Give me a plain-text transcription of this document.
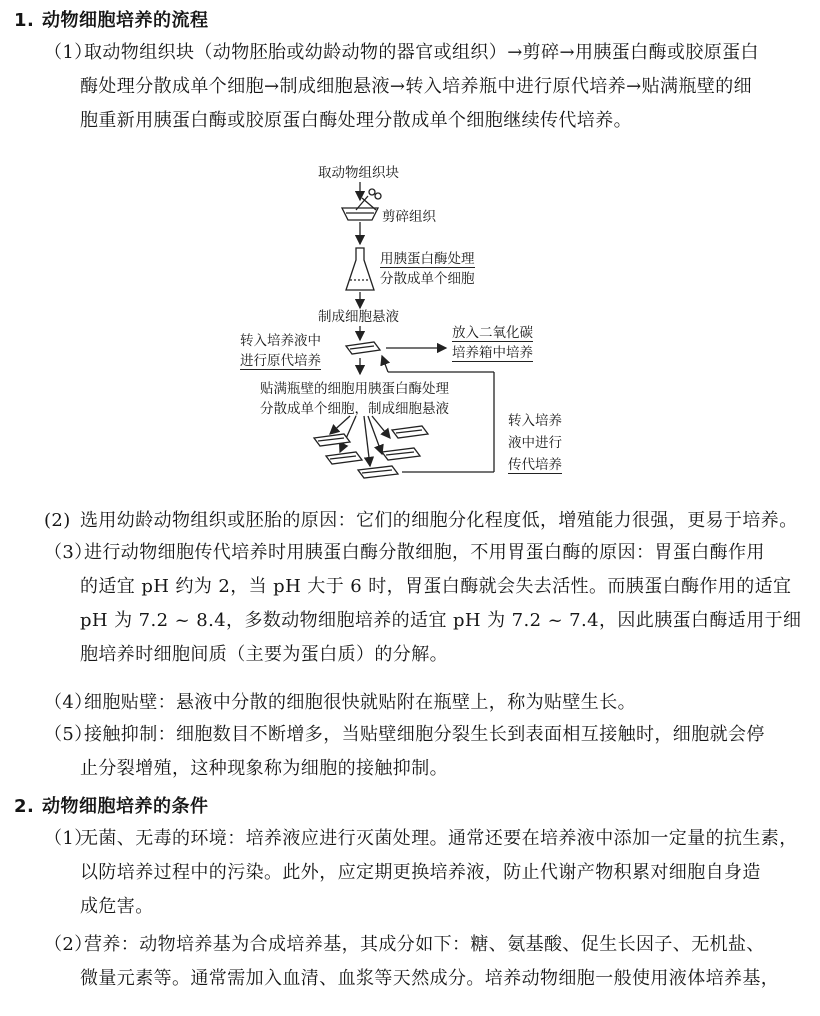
1. 动物细胞培养的流程
（1）取动物组织块（动物胚胎或幼龄动物的器官或组织）→剪碎→用胰蛋白酶或胶原蛋白
酶处理分散成单个细胞→制成细胞悬液→转入培养瓶中进行原代培养→贴满瓶壁的细
胞重新用胰蛋白酶或胶原蛋白酶处理分散成单个细胞继续传代培养。
取动物组织块
剪碎组织
用胰蛋白酶处理
分散成单个细胞
制成细胞悬液
转入培养液中
进行原代培养
放入二氧化碳
培养箱中培养
贴满瓶壁的细胞用胰蛋白酶处理
分散成单个细胞，制成细胞悬液
转入培养
液中进行
传代培养
(2) 选用幼龄动物组织或胚胎的原因：它们的细胞分化程度低，增殖能力很强，更易于培养。
（3）进行动物细胞传代培养时用胰蛋白酶分散细胞，不用胃蛋白酶的原因：胃蛋白酶作用
的适宜 pH 约为 2，当 pH 大于 6 时，胃蛋白酶就会失去活性。而胰蛋白酶作用的适宜
pH 为 7.2 ~ 8.4，多数动物细胞培养的适宜 pH 为 7.2 ~ 7.4，因此胰蛋白酶适用于细
胞培养时细胞间质（主要为蛋白质）的分解。
（4）细胞贴壁：悬液中分散的细胞很快就贴附在瓶壁上，称为贴壁生长。
（5）接触抑制：细胞数目不断增多，当贴壁细胞分裂生长到表面相互接触时，细胞就会停
止分裂增殖，这种现象称为细胞的接触抑制。
2. 动物细胞培养的条件
（1）无菌、无毒的环境：培养液应进行灭菌处理。通常还要在培养液中添加一定量的抗生素，
以防培养过程中的污染。此外，应定期更换培养液，防止代谢产物积累对细胞自身造
成危害。
（2）营养：动物培养基为合成培养基，其成分如下：糖、氨基酸、促生长因子、无机盐、
微量元素等。通常需加入血清、血浆等天然成分。培养动物细胞一般使用液体培养基，
